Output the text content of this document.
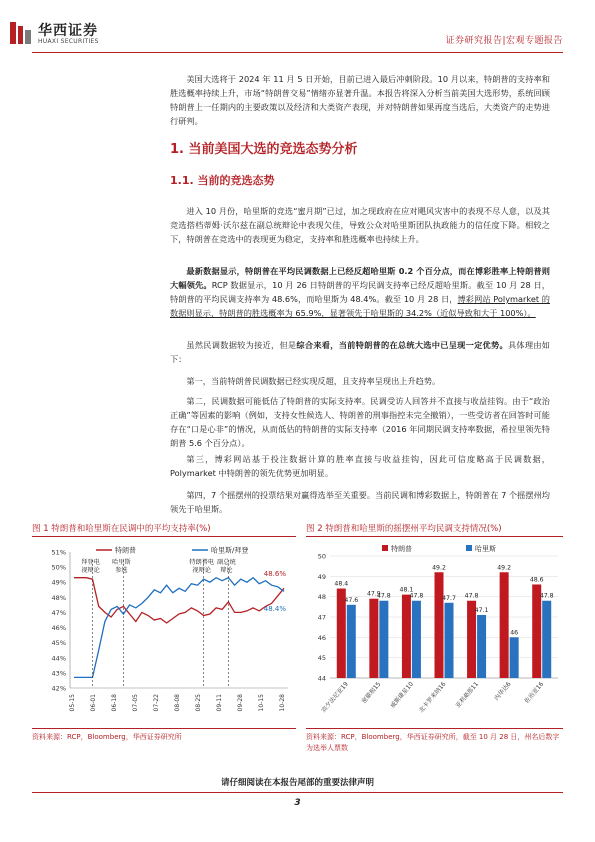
华西证券
HUAXI SECURITIES	证券研究报告|宏观专题报告
美国大选将于 2024 年 11 月 5 日开始，目前已进入最后冲刺阶段。10 月以来，特朗普的支持率和胜选概率持续上升，市场“特朗普交易”情绪亦显著升温。本报告将深入分析当前美国大选形势，系统回顾特朗普上一任期内的主要政策以及经济和大类资产表现，并对特朗普如果再度当选后，大类资产的走势进行研判。
1. 当前美国大选的竞选态势分析
1.1. 当前的竞选态势
进入 10 月份，哈里斯的竞选“蜜月期”已过，加之现政府在应对飓风灾害中的表现不尽人意，以及其竞选搭档蒂姆·沃尔兹在副总统辩论中表现欠佳，导致公众对哈里斯团队执政能力的信任度下降。相较之下，特朗普在竞选中的表现更为稳定，支持率和胜选概率也持续上升。
最新数据显示，特朗普在平均民调数据上已经反超哈里斯 0.2 个百分点，而在博彩胜率上特朗普则大幅领先。RCP 数据显示，10 月 26 日特朗普的平均民调支持率已经反超哈里斯。截至 10 月 28 日，特朗普的平均民调支持率为 48.6%，而哈里斯为 48.4%。截至 10 月 28 日，博彩网站 Polymarket 的数据则显示，特朗普的胜选概率为 65.9%，显著领先于哈里斯的 34.2%（近似导致和大于 100%）。
虽然民调数据较为接近，但是综合来看，当前特朗普的在总统大选中已呈现一定优势。具体理由如下：
第一，当前特朗普民调数据已经实现反超，且支持率呈现出上升趋势。
第二，民调数据可能低估了特朗普的实际支持率。民调受访人回答并不直接与收益挂钩。由于“政治正确”等因素的影响（例如，支持女性候选人、特朗普的刑事指控未完全撤销），一些受访者在回答时可能存在“口是心非”的情况，从而低估的特朗普的实际支持率（2016 年同期民调支持率数据，希拉里领先特朗普 5.6 个百分点）。
第三，博彩网站基于投注数据计算的胜率直接与收益挂钩，因此可信度略高于民调数据，Polymarket 中特朗普的领先优势更加明显。
第四，7 个摇摆州的投票结果对赢得选举至关重要。当前民调和博彩数据上，特朗普在 7 个摇摆州均领先于哈里斯。
图 1 特朗普和哈里斯在民调中的平均支持率(%)
42%
43%
44%
45%
46%
47%
48%
49%
50%
51%
05-15 06-01 06-18 07-05 07-22 08-08 08-25 09-11 09-28 10-15 10-28
特朗普	哈里斯/拜登
拜登电
视辩论
哈里斯
参选
特朗普电
视辩论
副总统
辩论	48.6%
48.4%
资料来源：RCP，Bloomberg，华西证券研究所
图 2 特朗普和哈里斯的摇摆州平均民调支持情况(%)
特朗普	哈里斯
44
45
46
47
48
49
50
48.4
47.6
宾夕法尼亚19
47.9
47.8
密歇根15
48.1
47.8
威斯康星10
49.2
47.7
北卡罗来纳16
47.8
47.1
亚利桑那11
49.2
46
内华达6
48.6
47.8
佐治亚16
资料来源：RCP，Bloomberg，华西证券研究所，截至 10 月 28 日，州名后数字为选举人票数
请仔细阅读在本报告尾部的重要法律声明
3
